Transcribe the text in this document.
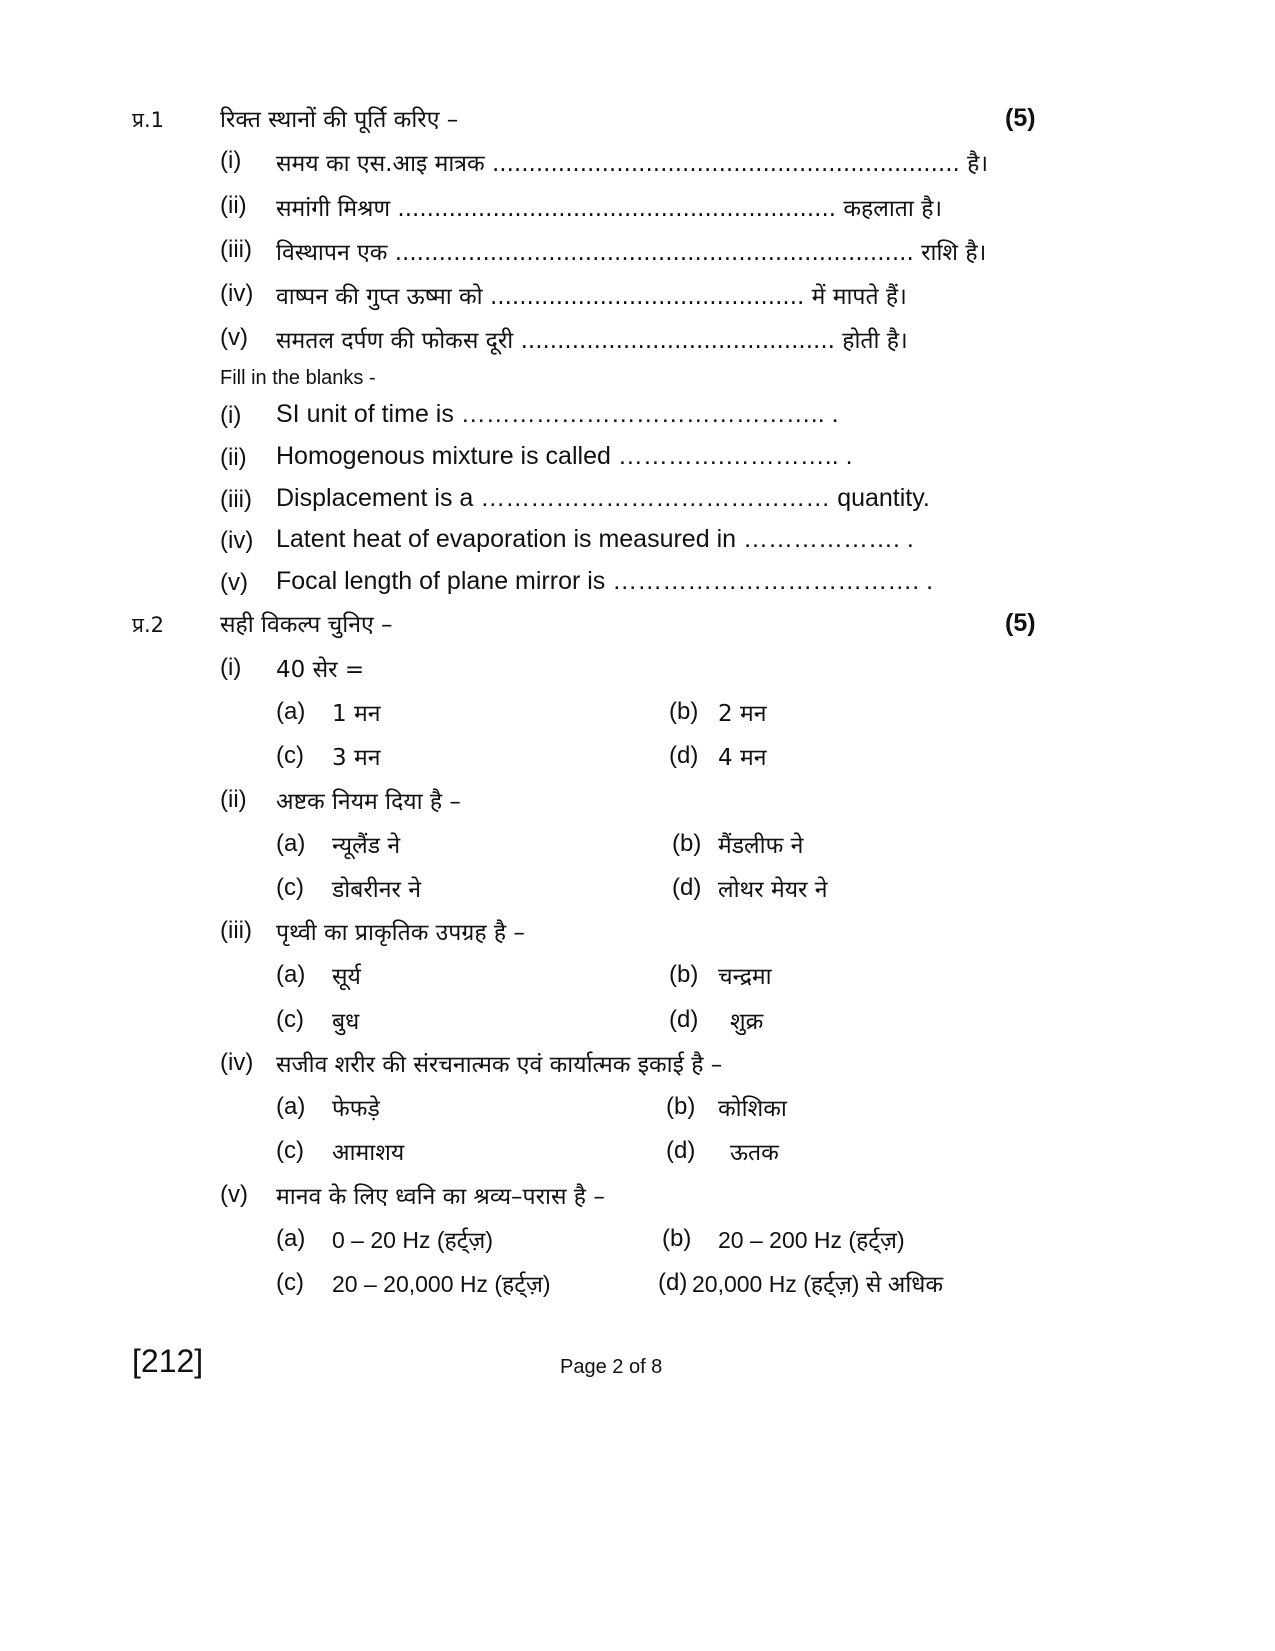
प्र.1 रिक्त स्थानों की पूर्ति करिए –	(5)
(i) समय का एस.आइ मात्रक ................................................................ है।
(ii) समांगी मिश्रण ............................................................ कहलाता है।
(iii) विस्थापन एक ....................................................................... राशि है।
(iv) वाष्पन की गुप्त ऊष्मा को ........................................... में मापते हैं।
(v) समतल दर्पण की फोकस दूरी ........................................... होती है।
Fill in the blanks -
(i) SI unit of time is …………………………………….. .
(ii) Homogenous mixture is called ………….………….. .
(iii) Displacement is a …………………………………… quantity.
(iv) Latent heat of evaporation is measured in ………………. .
(v) Focal length of plane mirror is ………………………………. .
प्र.2 सही विकल्प चुनिए –	(5)
(i) 40 सेर =
(a) 1 मन	(b) 2 मन
(c) 3 मन	(d) 4 मन
(ii) अष्टक नियम दिया है –
(a) न्यूलैंड ने	(b) मैंडलीफ ने
(c) डोबरीनर ने	(d) लोथर मेयर ने
(iii) पृथ्वी का प्राकृतिक उपग्रह है –
(a) सूर्य	(b) चन्द्रमा
(c) बुध	(d) शुक्र
(iv) सजीव शरीर की संरचनात्मक एवं कार्यात्मक इकाई है –
(a) फेफड़े	(b) कोशिका
(c) आमाशय	(d) ऊतक
(v) मानव के लिए ध्वनि का श्रव्य–परास है –
(a) 0 – 20 Hz (हर्ट्ज़)	(b) 20 – 200 Hz (हर्ट्ज़)
(c) 20 – 20,000 Hz (हर्ट्ज़)	(d) 20,000 Hz (हर्ट्ज़) से अधिक
[212]	Page 2 of 8
